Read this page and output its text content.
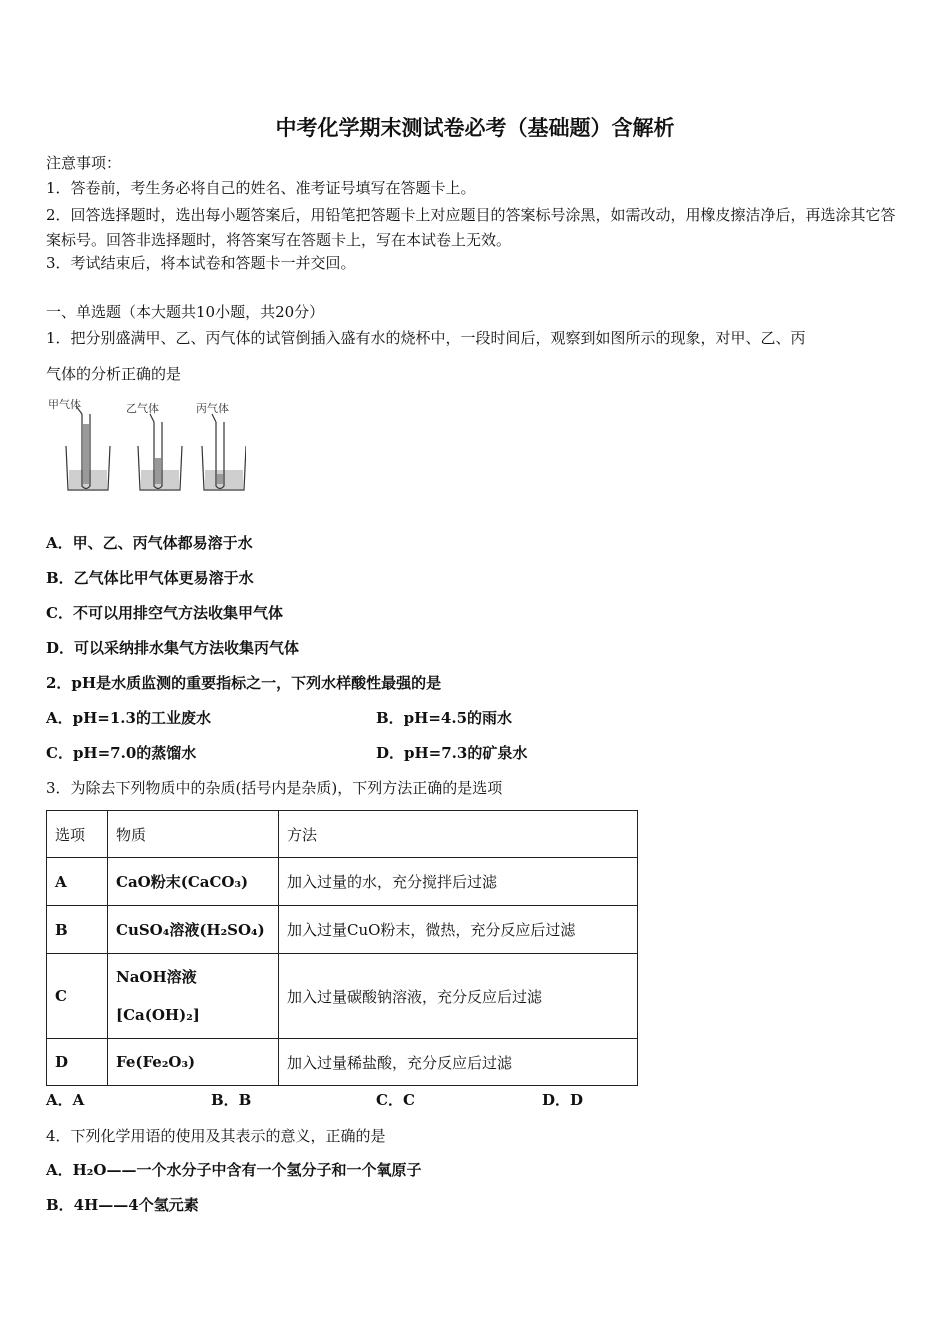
中考化学期末测试卷必考（基础题）含解析
注意事项：
1．答卷前，考生务必将自己的姓名、准考证号填写在答题卡上。
2．回答选择题时，选出每小题答案后，用铅笔把答题卡上对应题目的答案标号涂黑，如需改动，用橡皮擦洁净后，再选涂其它答案标号。回答非选择题时，将答案写在答题卡上，写在本试卷上无效。
3．考试结束后，将本试卷和答题卡一并交回。
一、单选题（本大题共10小题，共20分）
1．把分别盛满甲、乙、丙气体的试管倒插入盛有水的烧杯中，一段时间后，观察到如图所示的现象，对甲、乙、丙
气体的分析正确的是
甲气体	乙气体	丙气体
A．甲、乙、丙气体都易溶于水
B．乙气体比甲气体更易溶于水
C．不可以用排空气方法收集甲气体
D．可以采纳排水集气方法收集丙气体
2．pH是水质监测的重要指标之一，下列水样酸性最强的是
A．pH=1.3的工业废水	B．pH=4.5的雨水
C．pH=7.0的蒸馏水	D．pH=7.3的矿泉水
3．为除去下列物质中的杂质(括号内是杂质)，下列方法正确的是选项
选项	物质	方法
A	CaO粉末(CaCO₃)	加入过量的水，充分搅拌后过滤
B	CuSO₄溶液(H₂SO₄)	加入过量CuO粉末，微热，充分反应后过滤
C	NaOH溶液
[Ca(OH)₂]	加入过量碳酸钠溶液，充分反应后过滤
D	Fe(Fe₂O₃)	加入过量稀盐酸，充分反应后过滤
A．A	B．B	C．C	D．D
4．下列化学用语的使用及其表示的意义，正确的是
A．H₂O——一个水分子中含有一个氢分子和一个氧原子
B．4H——4个氢元素
